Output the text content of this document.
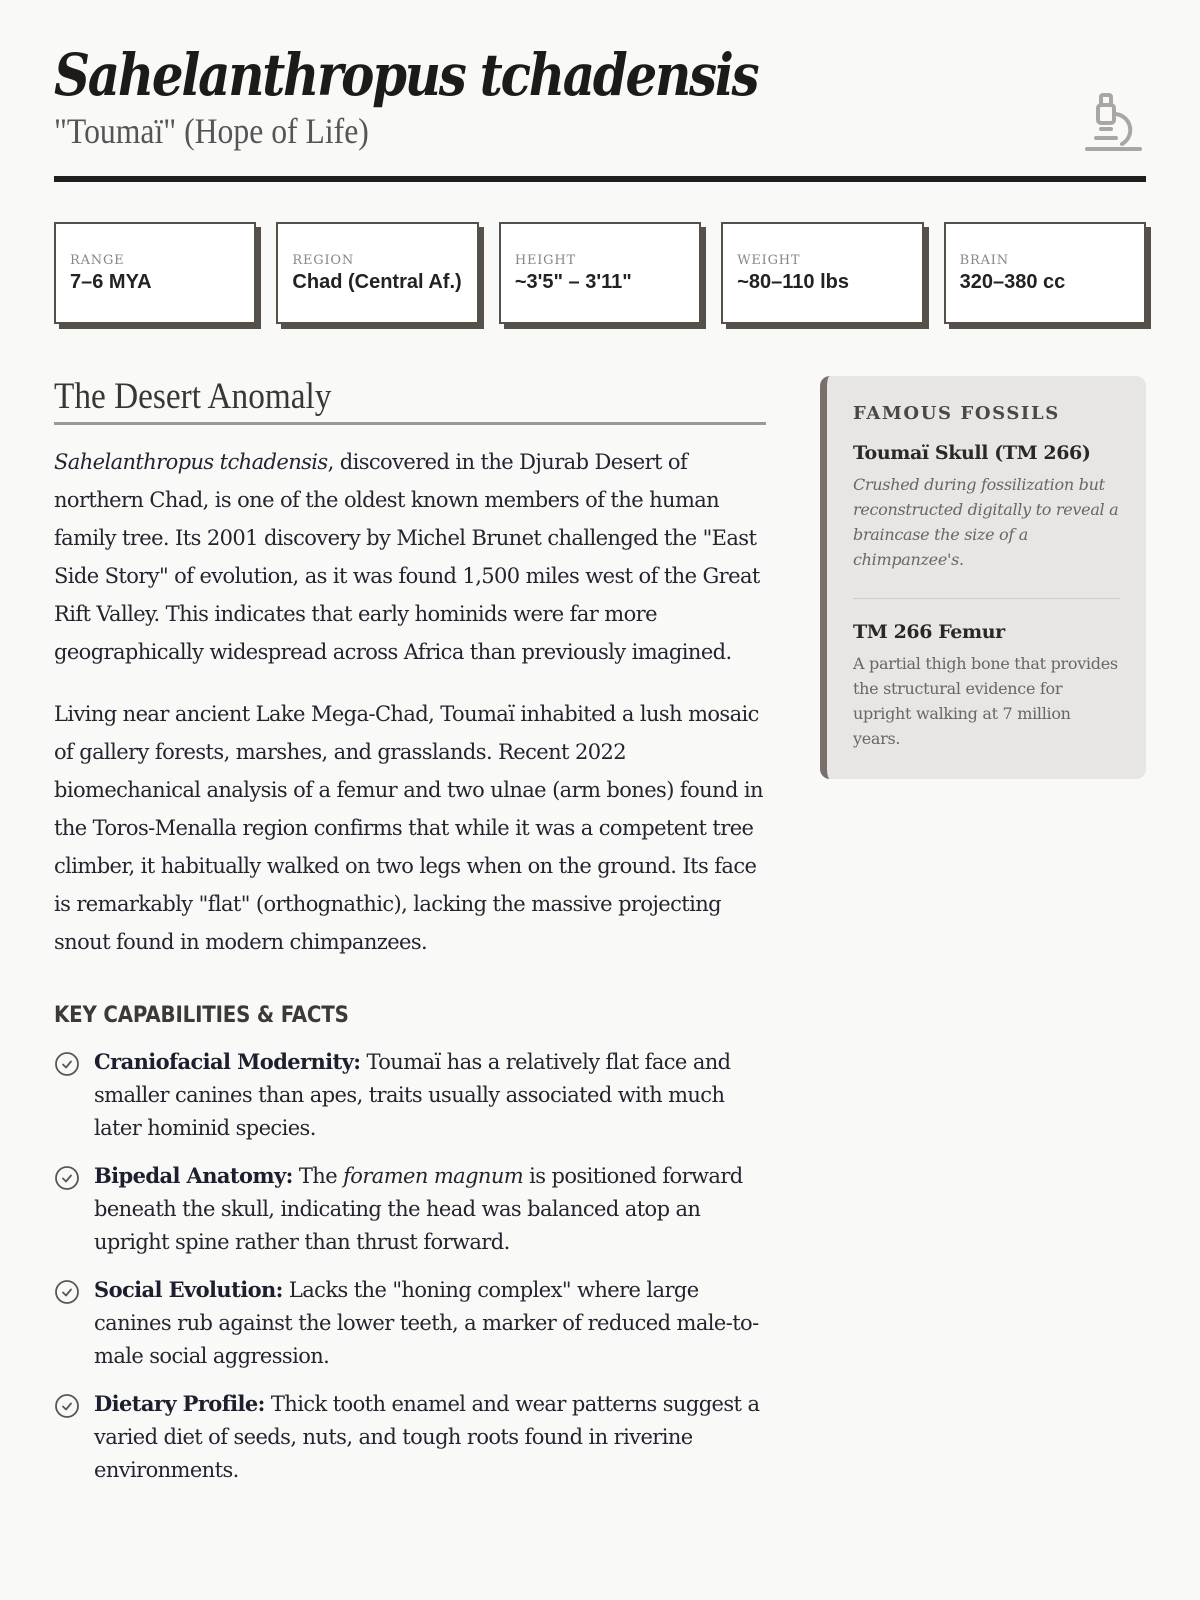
Sahelanthropus tchadensis

"Toumaï" (Hope of Life)

RANGE
7–6 MYA
REGION
Chad (Central Af.)
HEIGHT
~3'5" – 3'11"
WEIGHT
~80–110 lbs
BRAIN
320–380 cc
The Desert Anomaly

Sahelanthropus tchadensis, discovered in the Djurab Desert of northern Chad, is one of the oldest known members of the human family tree. Its 2001 discovery by Michel Brunet challenged the "East Side Story" of evolution, as it was found 1,500 miles west of the Great Rift Valley. This indicates that early hominids were far more geographically widespread across Africa than previously imagined.

Living near ancient Lake Mega-Chad, Toumaï inhabited a lush mosaic of gallery forests, marshes, and grasslands. Recent 2022 biomechanical analysis of a femur and two ulnae (arm bones) found in the Toros-Menalla region confirms that while it was a competent tree climber, it habitually walked on two legs when on the ground. Its face is remarkably "flat" (orthognathic), lacking the massive projecting snout found in modern chimpanzees.

KEY CAPABILITIES & FACTS
Craniofacial Modernity: Toumaï has a relatively flat face and smaller canines than apes, traits usually associated with much later hominid species.
Bipedal Anatomy: The foramen magnum is positioned forward beneath the skull, indicating the head was balanced atop an upright spine rather than thrust forward.
Social Evolution: Lacks the "honing complex" where large canines rub against the lower teeth, a marker of reduced male-to-male social aggression.
Dietary Profile: Thick tooth enamel and wear patterns suggest a varied diet of seeds, nuts, and tough roots found in riverine environments.
FAMOUS FOSSILS
Toumaï Skull (TM 266)
Crushed during fossilization but reconstructed digitally to reveal a braincase the size of a chimpanzee's.
TM 266 Femur
A partial thigh bone that provides the structural evidence for upright walking at 7 million years.
